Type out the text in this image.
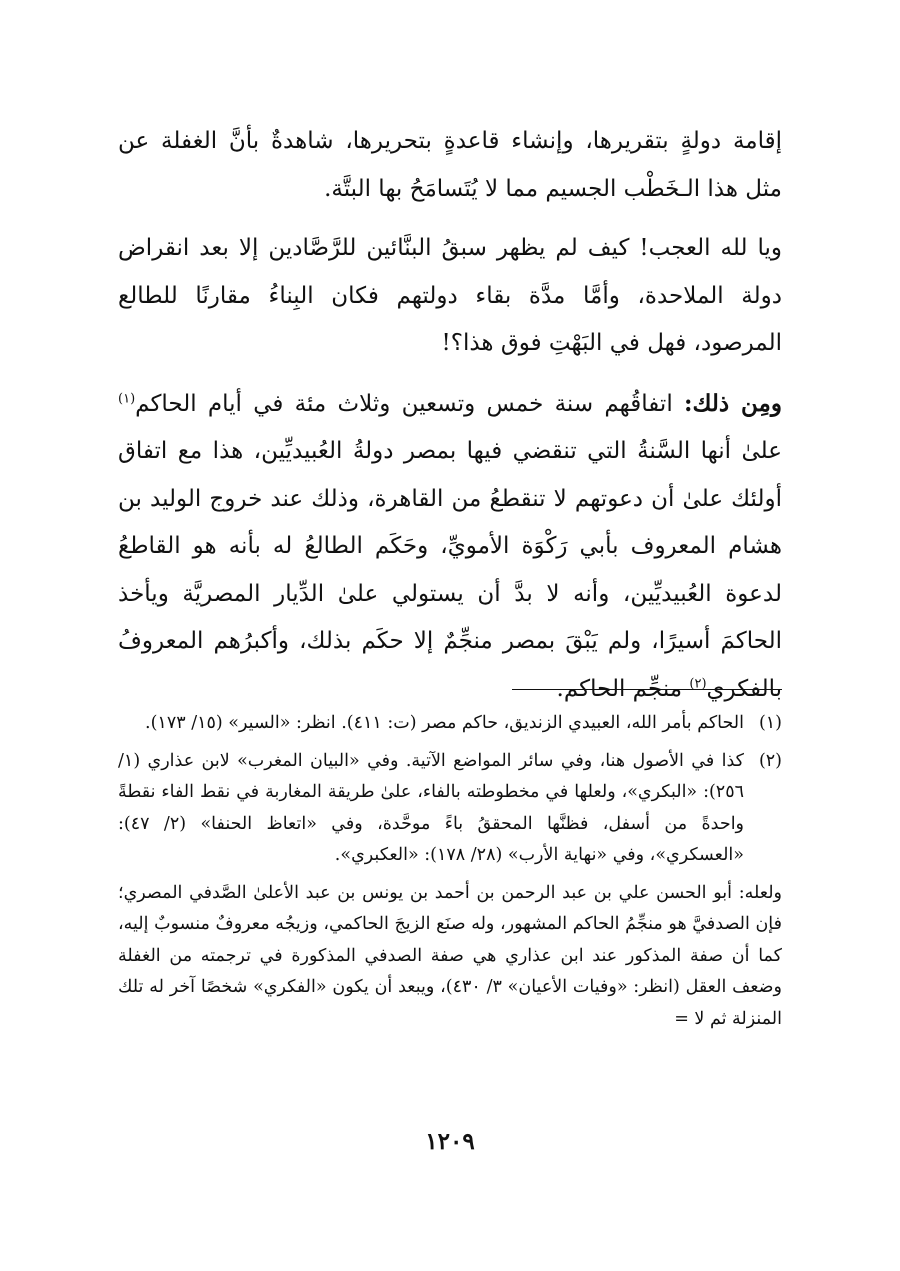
إقامة دولةٍ بتقريرها، وإنشاء قاعدةٍ بتحريرها، شاهدةٌ بأنَّ الغفلة عن مثل هذا الـخَطْب الجسيم مما لا يُتَسامَحُ بها البتَّة.

ويا لله العجب! كيف لم يظهر سبقُ البنَّائين للرَّصَّادين إلا بعد انقراض دولة الملاحدة، وأمَّا مدَّة بقاء دولتهم فكان البِناءُ مقارنًا للطالع المرصود، فهل في البَهْتِ فوق هذا؟!

ومِن ذلك: اتفاقُهم سنة خمس وتسعين وثلاث مئة في أيام الحاكم$^{(١)}$ علىٰ أنها السَّنةُ التي تنقضي فيها بمصر دولةُ العُبيديِّين، هذا مع اتفاق أولئك علىٰ أن دعوتهم لا تنقطعُ من القاهرة، وذلك عند خروج الوليد بن هشام المعروف بأبي رَكْوَة الأمويِّ، وحَكَم الطالعُ له بأنه هو القاطعُ لدعوة العُبيديِّين، وأنه لا بدَّ أن يستولي علىٰ الدِّيار المصريَّة ويأخذ الحاكمَ أسيرًا، ولم يَبْقَ بمصر منجِّمٌ إلا حكَم بذلك، وأكبرُهم المعروفُ بالفكري$^{(٢)}$ منجِّم الحاكم.

(١)
الحاكم بأمر الله، العبيدي الزنديق، حاكم مصر (ت: ٤١١). انظر: «السير» (١٥/ ١٧٣).
(٢)
كذا في الأصول هنا، وفي سائر المواضع الآتية. وفي «البيان المغرب» لابن عذاري (١/ ٢٥٦): «البكري»، ولعلها في مخطوطته بالفاء، علىٰ طريقة المغاربة في نقط الفاء نقطةً واحدةً من أسفل، فظنَّها المحققُ باءً موحَّدة، وفي «اتعاظ الحنفا» (٢/ ٤٧): «العسكري»، وفي «نهاية الأرب» (٢٨/ ١٧٨): «العكبري».

ولعله: أبو الحسن علي بن عبد الرحمن بن أحمد بن يونس بن عبد الأعلىٰ الصَّدفي المصري؛ فإن الصدفيَّ هو منجِّمُ الحاكم المشهور، وله صنَع الزيجَ الحاكمي، وزيجُه معروفٌ منسوبٌ إليه، كما أن صفة المذكور عند ابن عذاري هي صفة الصدفي المذكورة في ترجمته من الغفلة وضعف العقل (انظر: «وفيات الأعيان» ٣/ ٤٣٠)، ويبعد أن يكون «الفكري» شخصًا آخر له تلك المنزلة ثم لا =

١٢٠٩
